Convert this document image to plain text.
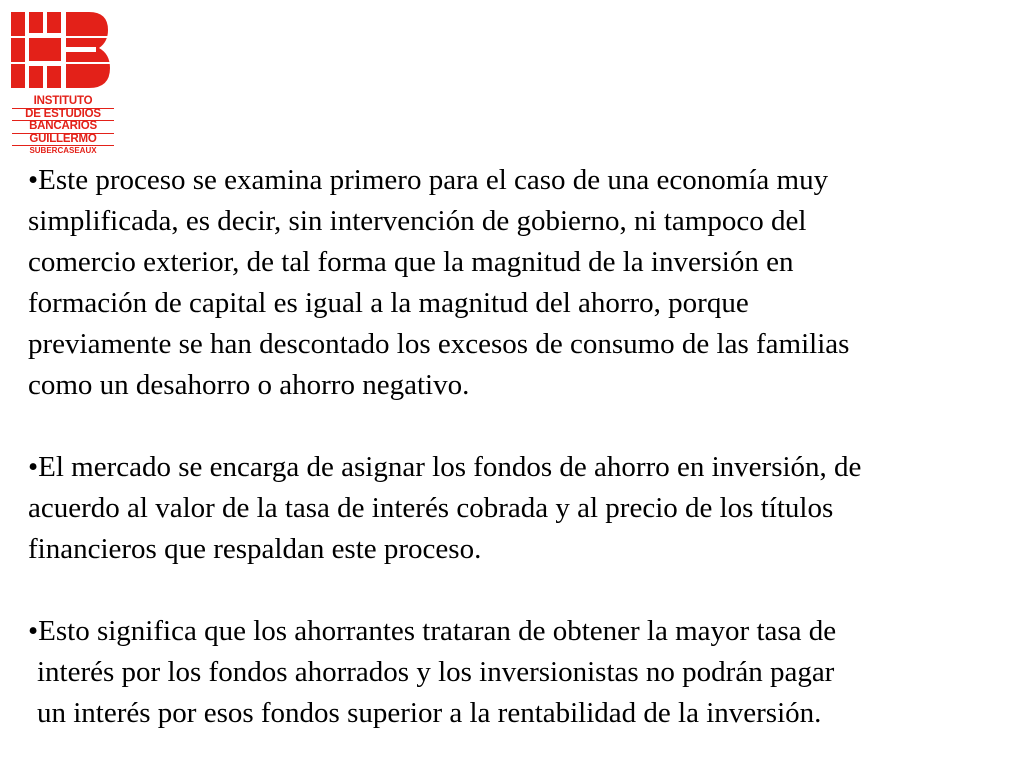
INSTITUTO
DE ESTUDIOS
BANCARIOS
GUILLERMO
SUBERCASEAUX

•Este proceso se examina primero para el caso de una economía muy
simplificada, es decir, sin intervención de gobierno, ni tampoco del
comercio exterior, de tal forma que la magnitud de la inversión en
formación de capital es igual a la magnitud del ahorro, porque
previamente se han descontado los excesos de consumo de las familias
como un desahorro o ahorro negativo.

•El mercado se encarga de asignar los fondos de ahorro en inversión, de
acuerdo al valor de la tasa de interés cobrada y al precio de los títulos
financieros que respaldan este proceso.

•Esto significa que los ahorrantes trataran de obtener la mayor tasa de
interés por los fondos ahorrados y los inversionistas no podrán pagar
un interés por esos fondos superior a la rentabilidad de la inversión.
